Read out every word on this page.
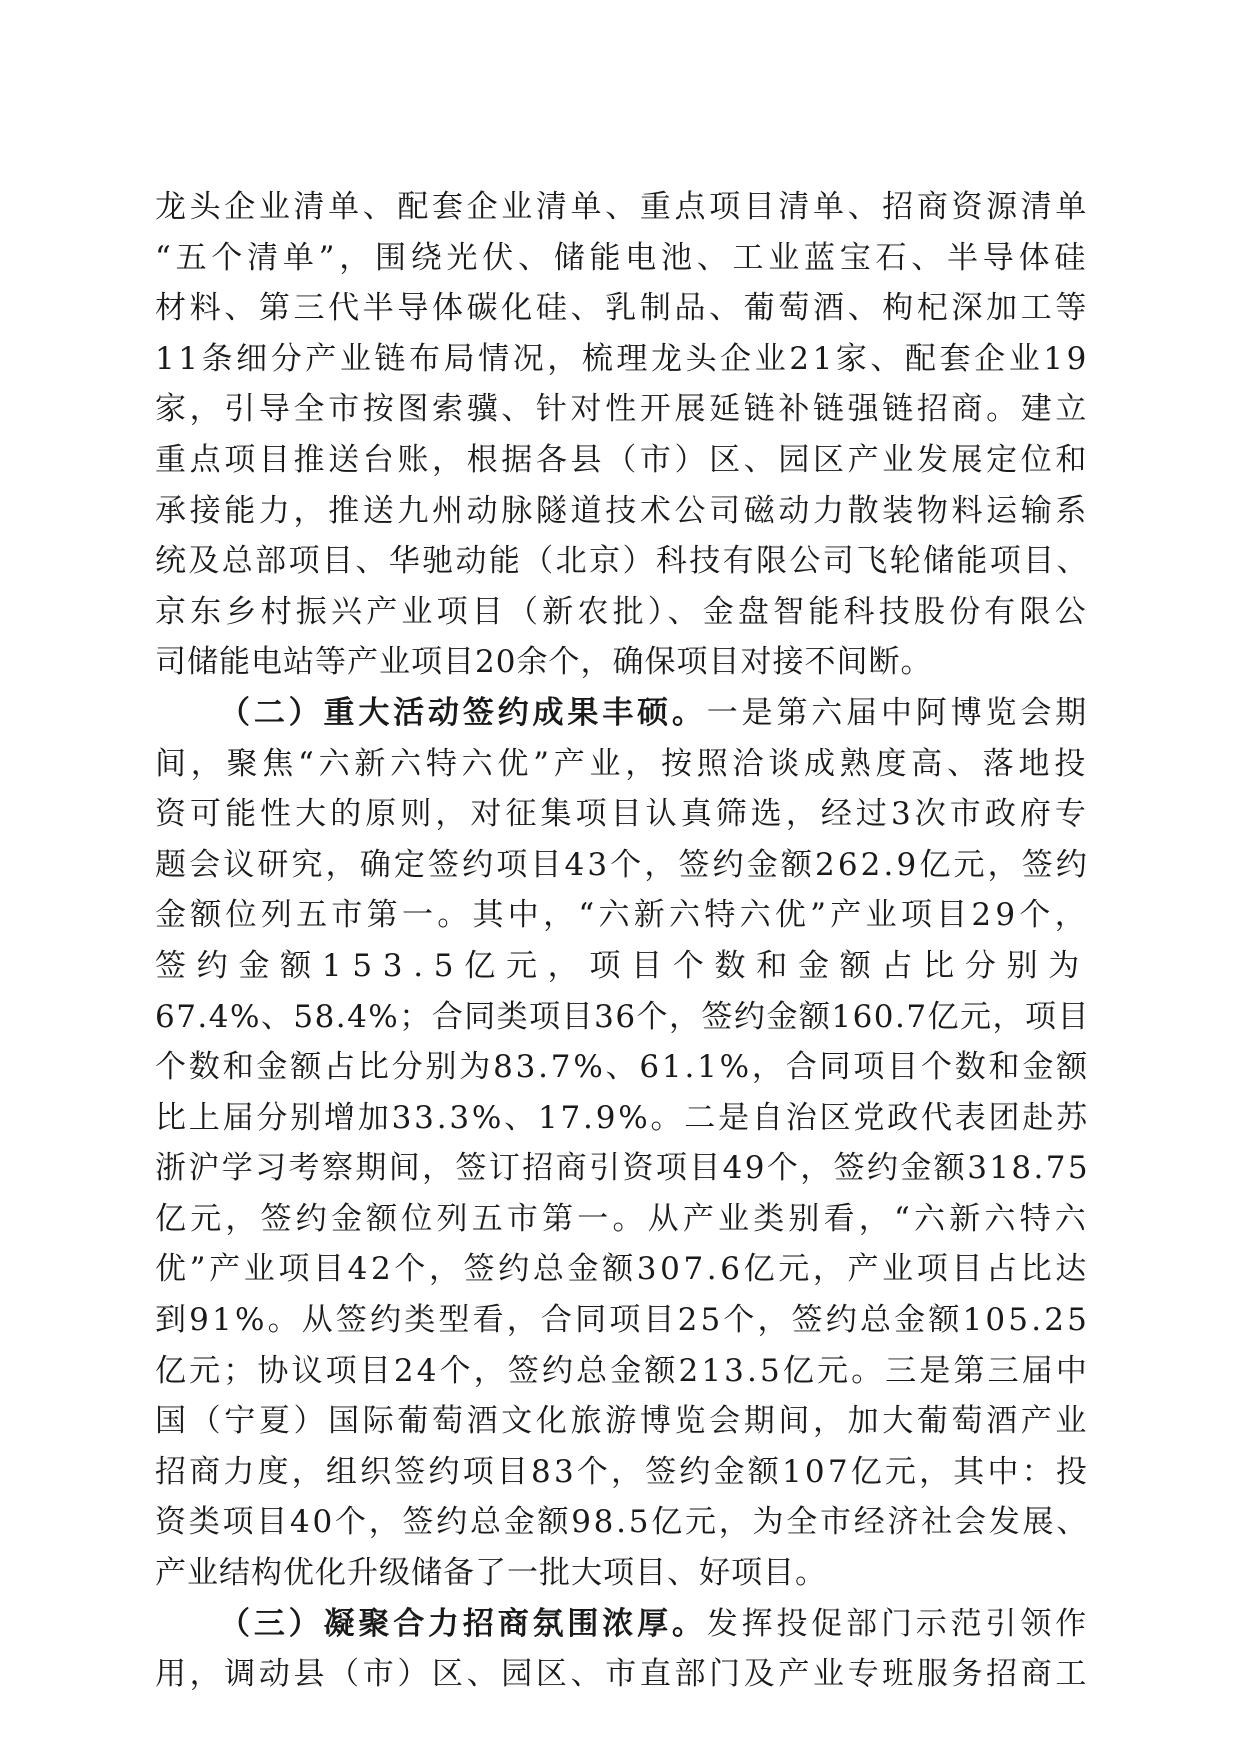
龙头企业清单、配套企业清单、重点项目清单、招商资源清单
“五个清单”，围绕光伏、储能电池、工业蓝宝石、半导体硅
材料、第三代半导体碳化硅、乳制品、葡萄酒、枸杞深加工等
11条细分产业链布局情况，梳理龙头企业21家、配套企业19
家，引导全市按图索骥、针对性开展延链补链强链招商。建立
重点项目推送台账，根据各县（市）区、园区产业发展定位和
承接能力，推送九州动脉隧道技术公司磁动力散装物料运输系
统及总部项目、华驰动能（北京）科技有限公司飞轮储能项目、
京东乡村振兴产业项目（新农批）、金盘智能科技股份有限公
司储能电站等产业项目20余个，确保项目对接不间断。
（二）重大活动签约成果丰硕。一是第六届中阿博览会期
间，聚焦“六新六特六优”产业，按照洽谈成熟度高、落地投
资可能性大的原则，对征集项目认真筛选，经过3次市政府专
题会议研究，确定签约项目43个，签约金额262.9亿元，签约
金额位列五市第一。其中，“六新六特六优”产业项目29个，
签约金额153.5亿元，项目个数和金额占比分别为
67.4%、58.4%；合同类项目36个，签约金额160.7亿元，项目
个数和金额占比分别为83.7%、61.1%，合同项目个数和金额
比上届分别增加33.3%、17.9%。二是自治区党政代表团赴苏
浙沪学习考察期间，签订招商引资项目49个，签约金额318.75
亿元，签约金额位列五市第一。从产业类别看，“六新六特六
优”产业项目42个，签约总金额307.6亿元，产业项目占比达
到91%。从签约类型看，合同项目25个，签约总金额105.25
亿元；协议项目24个，签约总金额213.5亿元。三是第三届中
国（宁夏）国际葡萄酒文化旅游博览会期间，加大葡萄酒产业
招商力度，组织签约项目83个，签约金额107亿元，其中：投
资类项目40个，签约总金额98.5亿元，为全市经济社会发展、
产业结构优化升级储备了一批大项目、好项目。
（三）凝聚合力招商氛围浓厚。发挥投促部门示范引领作
用，调动县（市）区、园区、市直部门及产业专班服务招商工
